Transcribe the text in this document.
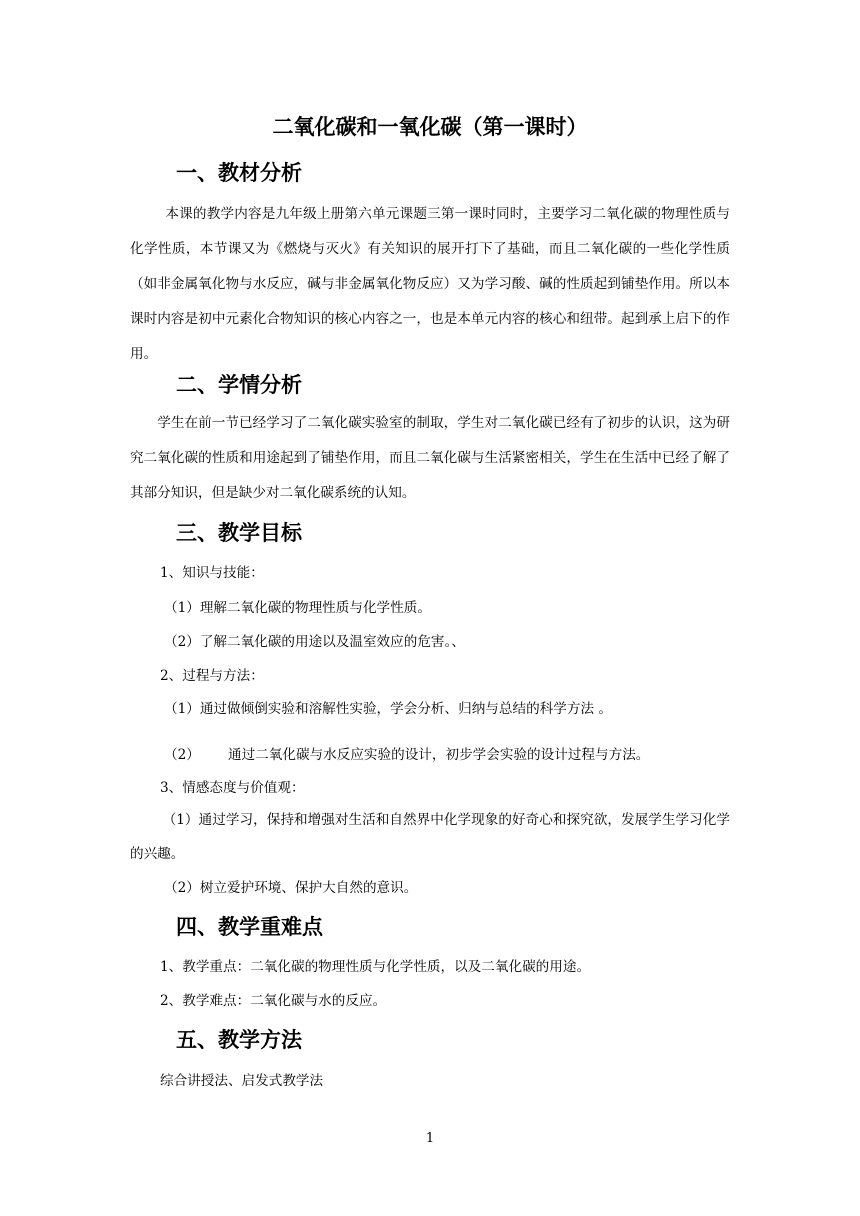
二氧化碳和一氧化碳（第一课时）
一、教材分析

本课的教学内容是九年级上册第六单元课题三第一课时同时，主要学习二氧化碳的物理性质与化学性质，本节课又为《燃烧与灭火》有关知识的展开打下了基础，而且二氧化碳的一些化学性质（如非金属氧化物与水反应，碱与非金属氧化物反应）又为学习酸、碱的性质起到铺垫作用。所以本课时内容是初中元素化合物知识的核心内容之一，也是本单元内容的核心和纽带。起到承上启下的作用。

二、学情分析

学生在前一节已经学习了二氧化碳实验室的制取，学生对二氧化碳已经有了初步的认识，这为研究二氧化碳的性质和用途起到了铺垫作用，而且二氧化碳与生活紧密相关，学生在生活中已经了解了其部分知识，但是缺少对二氧化碳系统的认知。

三、教学目标
1、知识与技能：
（1）理解二氧化碳的物理性质与化学性质。
（2）了解二氧化碳的用途以及温室效应的危害。、
2、过程与方法：
（1）通过做倾倒实验和溶解性实验，学会分析、归纳与总结的科学方法 。
（2） 通过二氧化碳与水反应实验的设计，初步学会实验的设计过程与方法。
3、情感态度与价值观：

（1）通过学习，保持和增强对生活和自然界中化学现象的好奇心和探究欲，发展学生学习化学的兴趣。

（2）树立爱护环境、保护大自然的意识。
四、教学重难点
1、教学重点：二氧化碳的物理性质与化学性质，以及二氧化碳的用途。
2、教学难点：二氧化碳与水的反应。
五、教学方法
综合讲授法、启发式教学法
1
